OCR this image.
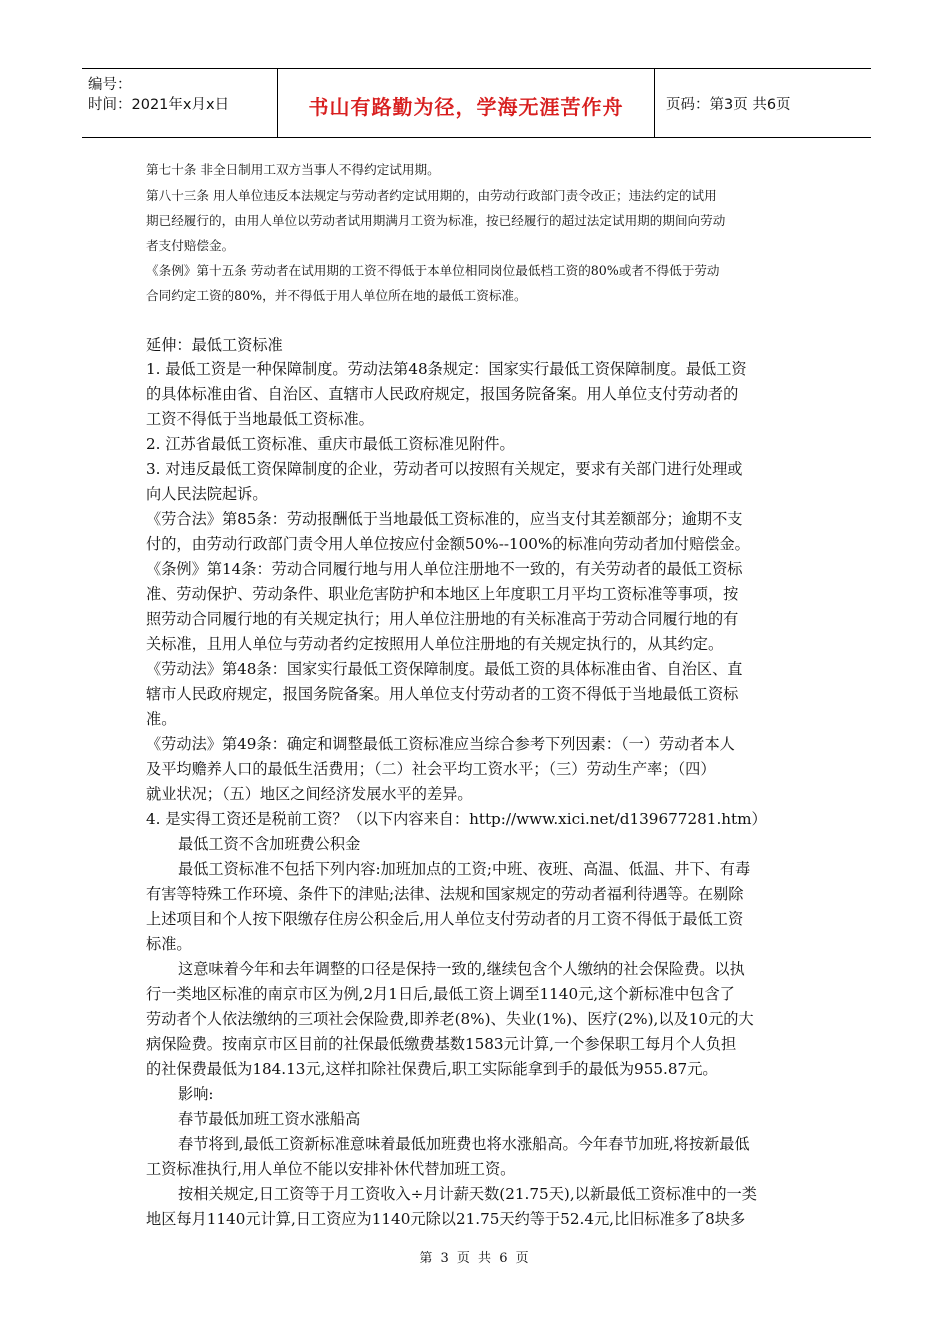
编号：
时间：2021年x月x日	书山有路勤为径，学海无涯苦作舟	页码：第3页 共6页

第七十条 非全日制用工双方当事人不得约定试用期。

第八十三条 用人单位违反本法规定与劳动者约定试用期的，由劳动行政部门责令改正；违法约定的试用

期已经履行的，由用人单位以劳动者试用期满月工资为标准，按已经履行的超过法定试用期的期间向劳动

者支付赔偿金。

《条例》第十五条 劳动者在试用期的工资不得低于本单位相同岗位最低档工资的80%或者不得低于劳动

合同约定工资的80%，并不得低于用人单位所在地的最低工资标准。

延伸：最低工资标准

1. 最低工资是一种保障制度。劳动法第48条规定：国家实行最低工资保障制度。最低工资

的具体标准由省、自治区、直辖市人民政府规定，报国务院备案。用人单位支付劳动者的

工资不得低于当地最低工资标准。

2. 江苏省最低工资标准、重庆市最低工资标准见附件。

3. 对违反最低工资保障制度的企业，劳动者可以按照有关规定，要求有关部门进行处理或

向人民法院起诉。

《劳合法》第85条：劳动报酬低于当地最低工资标准的，应当支付其差额部分；逾期不支

付的，由劳动行政部门责令用人单位按应付金额50%--100%的标准向劳动者加付赔偿金。

《条例》第14条：劳动合同履行地与用人单位注册地不一致的，有关劳动者的最低工资标

准、劳动保护、劳动条件、职业危害防护和本地区上年度职工月平均工资标准等事项，按

照劳动合同履行地的有关规定执行；用人单位注册地的有关标准高于劳动合同履行地的有

关标准，且用人单位与劳动者约定按照用人单位注册地的有关规定执行的，从其约定。

《劳动法》第48条：国家实行最低工资保障制度。最低工资的具体标准由省、自治区、直

辖市人民政府规定，报国务院备案。用人单位支付劳动者的工资不得低于当地最低工资标

准。

《劳动法》第49条：确定和调整最低工资标准应当综合参考下列因素：（一）劳动者本人

及平均赡养人口的最低生活费用；（二）社会平均工资水平；（三）劳动生产率；（四）

就业状况；（五）地区之间经济发展水平的差异。

4. 是实得工资还是税前工资？（以下内容来自：http://www.xici.net/d139677281.htm）

最低工资不含加班费公积金

最低工资标准不包括下列内容:加班加点的工资;中班、夜班、高温、低温、井下、有毒

有害等特殊工作环境、条件下的津贴;法律、法规和国家规定的劳动者福利待遇等。在剔除

上述项目和个人按下限缴存住房公积金后,用人单位支付劳动者的月工资不得低于最低工资

标准。

这意味着今年和去年调整的口径是保持一致的,继续包含个人缴纳的社会保险费。以执

行一类地区标准的南京市区为例,2月1日后,最低工资上调至1140元,这个新标准中包含了

劳动者个人依法缴纳的三项社会保险费,即养老(8%)、失业(1%)、医疗(2%),以及10元的大

病保险费。按南京市区目前的社保最低缴费基数1583元计算,一个参保职工每月个人负担

的社保费最低为184.13元,这样扣除社保费后,职工实际能拿到手的最低为955.87元。

影响:

春节最低加班工资水涨船高

春节将到,最低工资新标准意味着最低加班费也将水涨船高。今年春节加班,将按新最低

工资标准执行,用人单位不能以安排补休代替加班工资。

按相关规定,日工资等于月工资收入÷月计薪天数(21.75天),以新最低工资标准中的一类

地区每月1140元计算,日工资应为1140元除以21.75天约等于52.4元,比旧标准多了8块多

第 3 页 共 6 页
